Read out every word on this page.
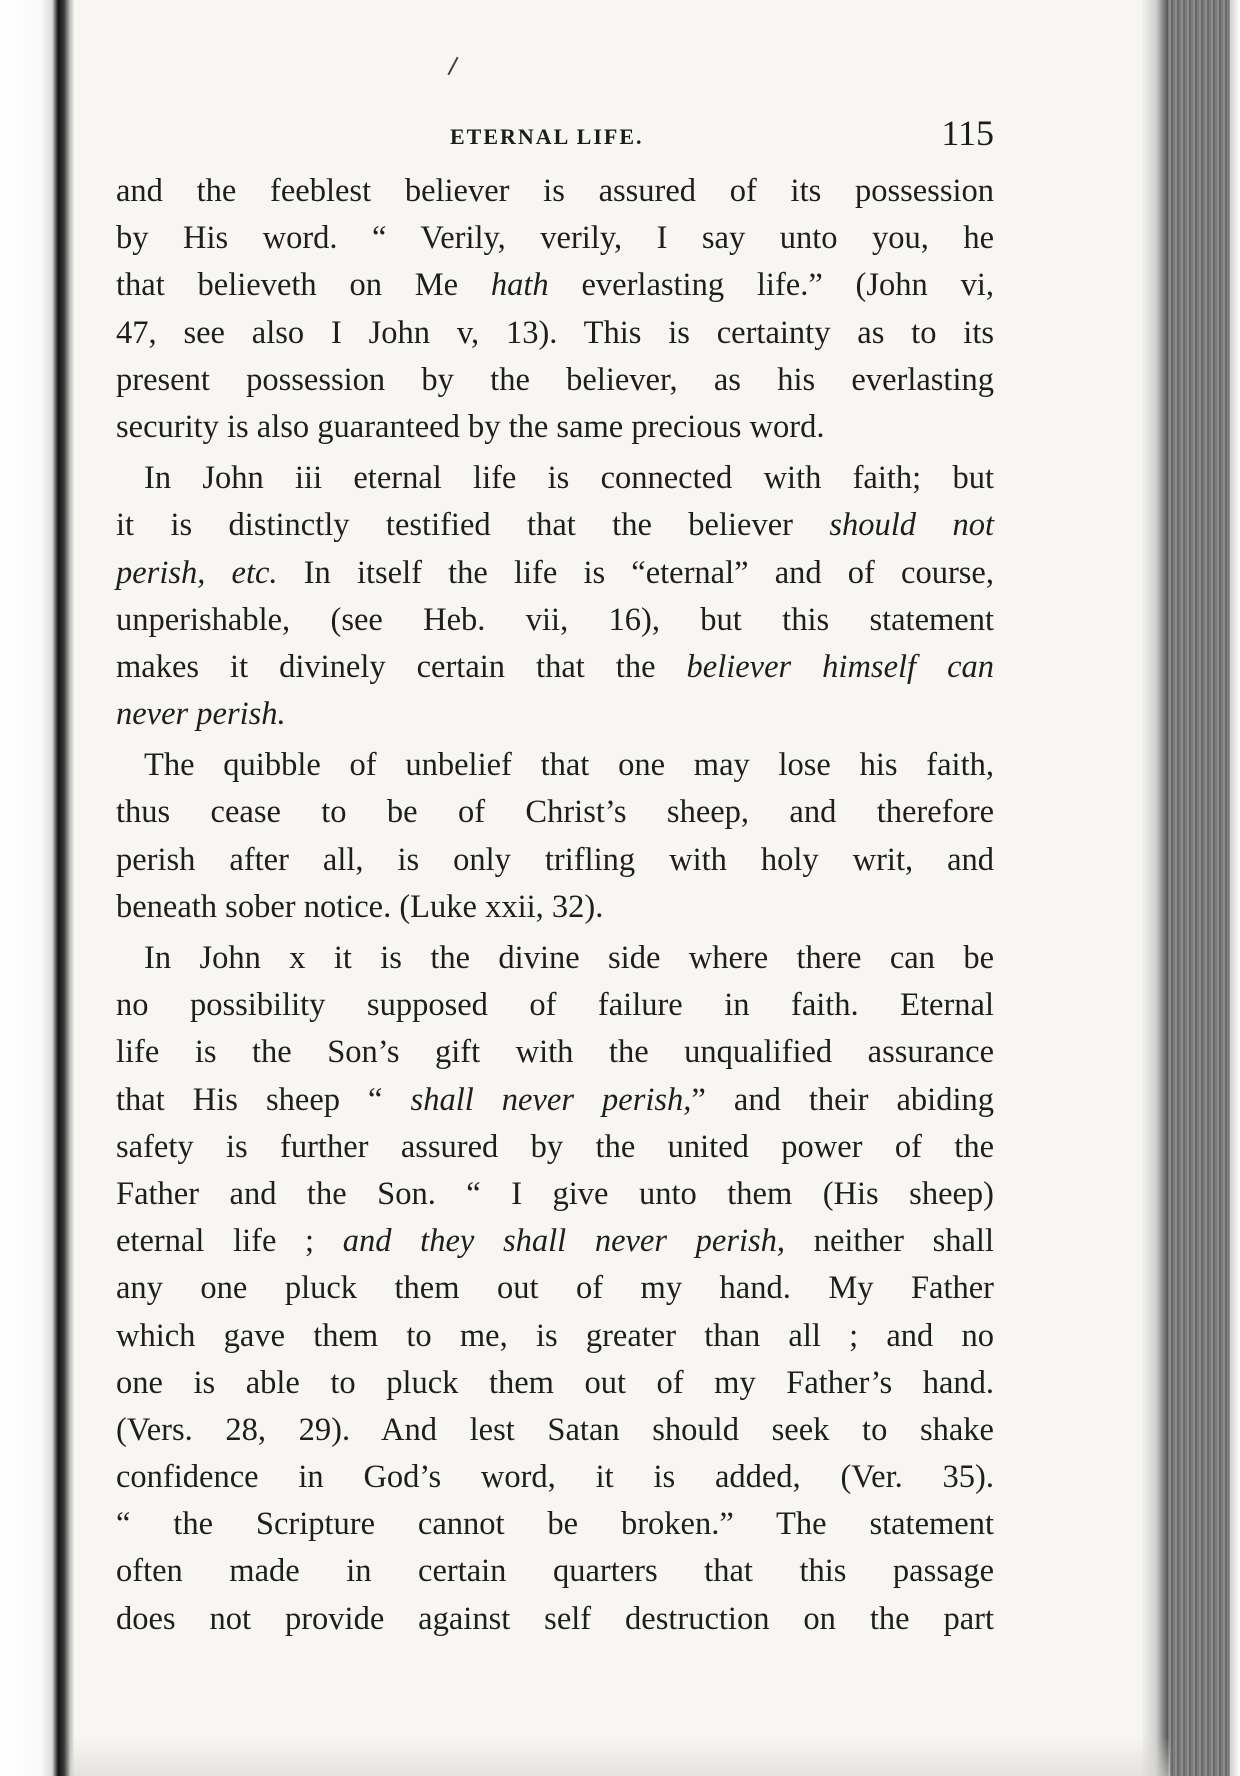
ETERNAL LIFE.	115
and the feeblest believer is assured of its possession
by His word. “ Verily, verily, I say unto you, he
that believeth on Me hath everlasting life.” (John vi,
47, see also I John v, 13). This is certainty as to its
present possession by the believer, as his everlasting
security is also guaranteed by the same precious word.
In John iii eternal life is connected with faith; but
it is distinctly testified that the believer should not
perish, etc. In itself the life is “eternal” and of course,
unperishable, (see Heb. vii, 16), but this statement
makes it divinely certain that the believer himself can
never perish.
The quibble of unbelief that one may lose his faith,
thus cease to be of Christ’s sheep, and therefore
perish after all, is only trifling with holy writ, and
beneath sober notice. (Luke xxii, 32).
In John x it is the divine side where there can be
no possibility supposed of failure in faith. Eternal
life is the Son’s gift with the unqualified assurance
that His sheep “ shall never perish,” and their abiding
safety is further assured by the united power of the
Father and the Son. “ I give unto them (His sheep)
eternal life ; and they shall never perish, neither shall
any one pluck them out of my hand. My Father
which gave them to me, is greater than all ; and no
one is able to pluck them out of my Father’s hand.
(Vers. 28, 29). And lest Satan should seek to shake
confidence in God’s word, it is added, (Ver. 35).
“ the Scripture cannot be broken.” The statement
often made in certain quarters that this passage
does not provide against self destruction on the part
